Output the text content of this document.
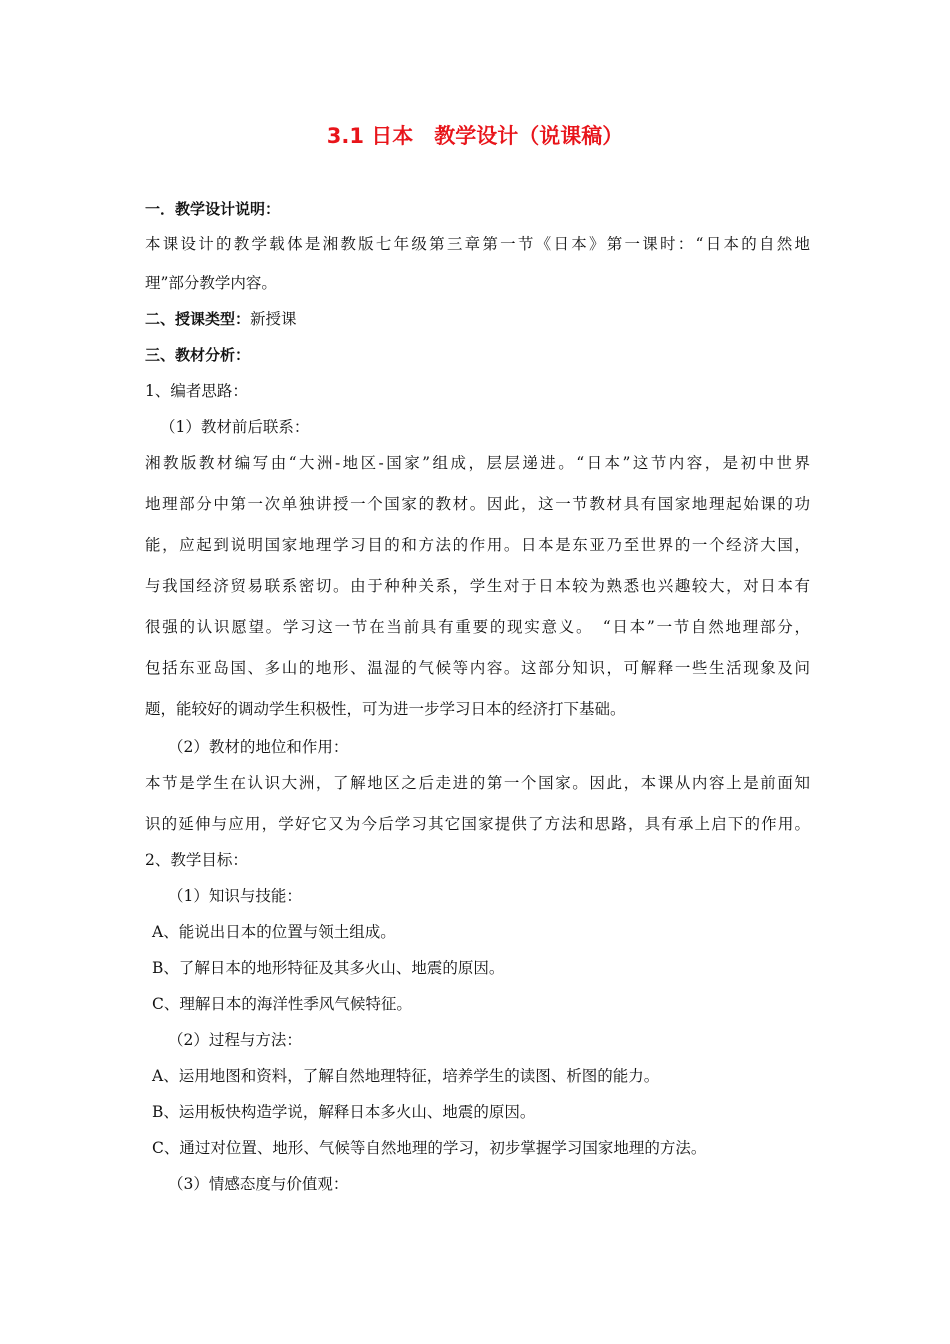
3.1 日本　教学设计（说课稿）
一．教学设计说明：
本课设计的教学载体是湘教版七年级第三章第一节《日本》第一课时：“日本的自然地
理”部分教学内容。
二、授课类型：新授课
三、教材分析：
1、编者思路：
（1）教材前后联系：
湘教版教材编写由“大洲-地区-国家”组成，层层递进。“日本”这节内容，是初中世界
地理部分中第一次单独讲授一个国家的教材。因此，这一节教材具有国家地理起始课的功
能，应起到说明国家地理学习目的和方法的作用。日本是东亚乃至世界的一个经济大国，
与我国经济贸易联系密切。由于种种关系，学生对于日本较为熟悉也兴趣较大，对日本有
很强的认识愿望。学习这一节在当前具有重要的现实意义。　“日本”一节自然地理部分，
包括东亚岛国、多山的地形、温湿的气候等内容。这部分知识，可解释一些生活现象及问
题，能较好的调动学生积极性，可为进一步学习日本的经济打下基础。
（2）教材的地位和作用：
本节是学生在认识大洲，了解地区之后走进的第一个国家。因此，本课从内容上是前面知
识的延伸与应用，学好它又为今后学习其它国家提供了方法和思路，具有承上启下的作用。
2、教学目标：
（1）知识与技能：
A、能说出日本的位置与领土组成。
B、了解日本的地形特征及其多火山、地震的原因。
C、理解日本的海洋性季风气候特征。
（2）过程与方法：
A、运用地图和资料，了解自然地理特征，培养学生的读图、析图的能力。
B、运用板快构造学说，解释日本多火山、地震的原因。
C、通过对位置、地形、气候等自然地理的学习，初步掌握学习国家地理的方法。
（3）情感态度与价值观：
